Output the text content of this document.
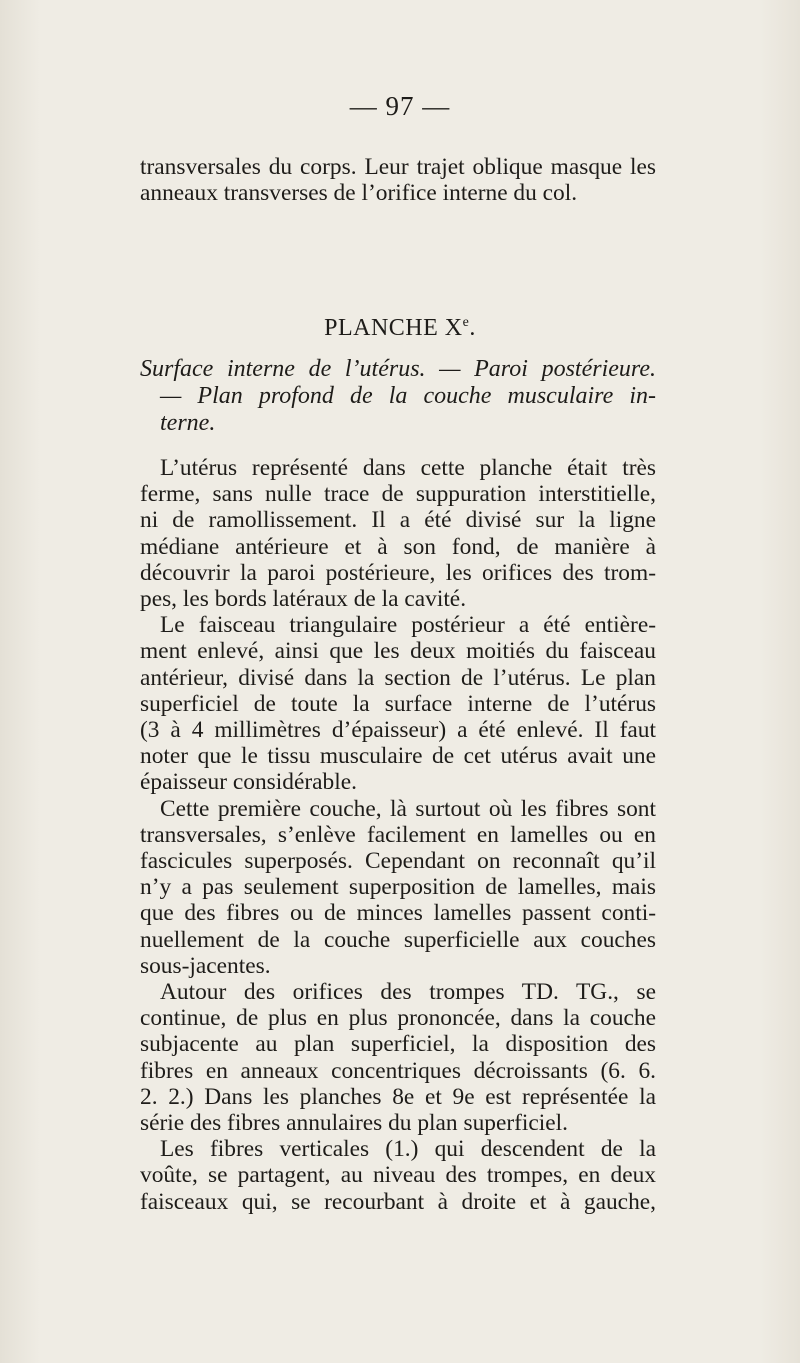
— 97 —
transversales du corps. Leur trajet oblique masque les
anneaux transverses de l’orifice interne du col.
PLANCHE Xe.
Surface interne de l’utérus. — Paroi postérieure.
— Plan profond de la couche musculaire in-
terne.
L’utérus représenté dans cette planche était très
ferme, sans nulle trace de suppuration interstitielle,
ni de ramollissement. Il a été divisé sur la ligne
médiane antérieure et à son fond, de manière à
découvrir la paroi postérieure, les orifices des trom-
pes, les bords latéraux de la cavité.
Le faisceau triangulaire postérieur a été entière-
ment enlevé, ainsi que les deux moitiés du faisceau
antérieur, divisé dans la section de l’utérus. Le plan
superficiel de toute la surface interne de l’utérus
(3 à 4 millimètres d’épaisseur) a été enlevé. Il faut
noter que le tissu musculaire de cet utérus avait une
épaisseur considérable.
Cette première couche, là surtout où les fibres sont
transversales, s’enlève facilement en lamelles ou en
fascicules superposés. Cependant on reconnaît qu’il
n’y a pas seulement superposition de lamelles, mais
que des fibres ou de minces lamelles passent conti-
nuellement de la couche superficielle aux couches
sous-jacentes.
Autour des orifices des trompes TD. TG., se
continue, de plus en plus prononcée, dans la couche
subjacente au plan superficiel, la disposition des
fibres en anneaux concentriques décroissants (6. 6.
2. 2.) Dans les planches 8e et 9e est représentée la
série des fibres annulaires du plan superficiel.
Les fibres verticales (1.) qui descendent de la
voûte, se partagent, au niveau des trompes, en deux
faisceaux qui, se recourbant à droite et à gauche,
